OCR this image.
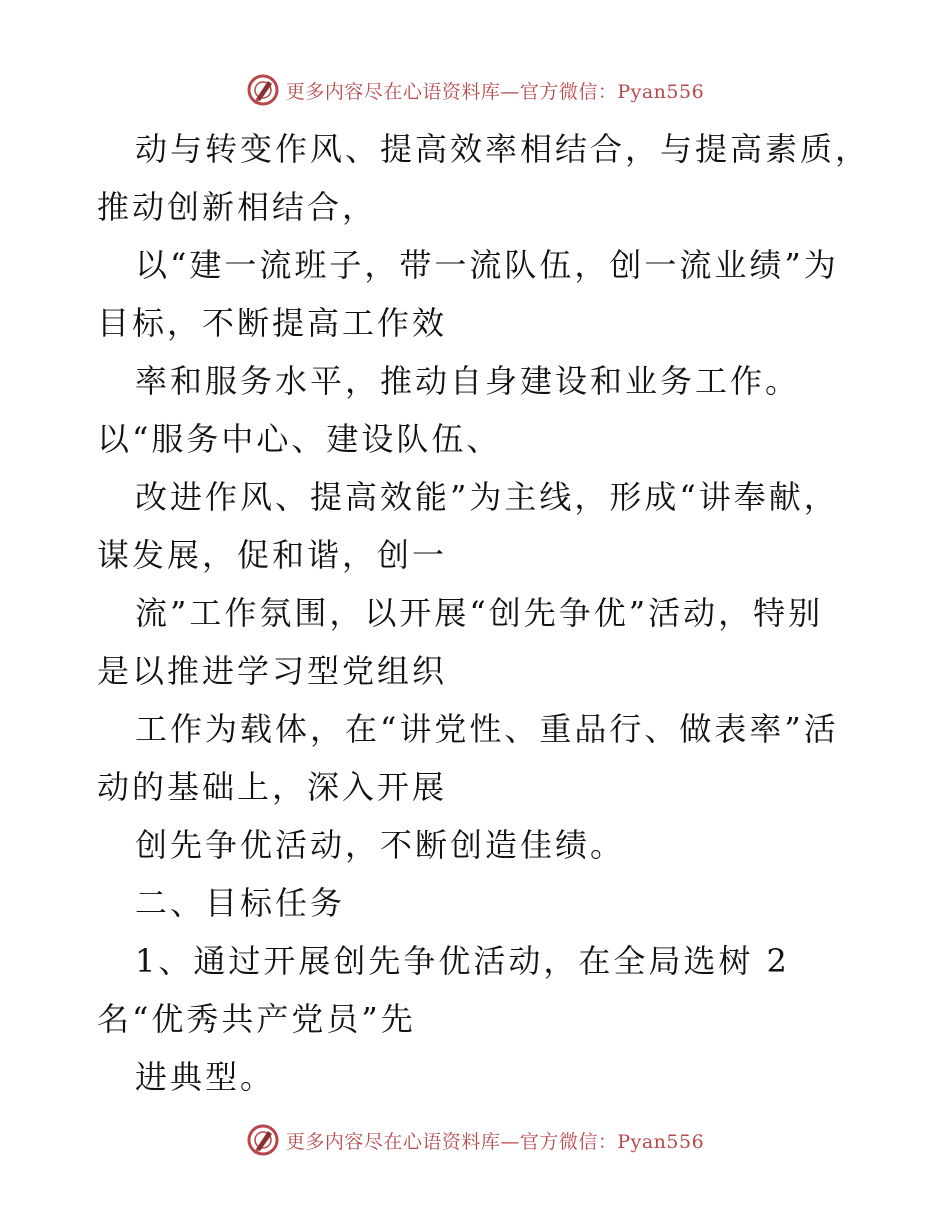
更多内容尽在心语资料库—官方微信：Pyan556
动与转变作风、提高效率相结合，与提高素质，
推动创新相结合，
以“建一流班子，带一流队伍，创一流业绩”为
目标，不断提高工作效
率和服务水平，推动自身建设和业务工作。
以“服务中心、建设队伍、
改进作风、提高效能”为主线，形成“讲奉献，
谋发展，促和谐，创一
流”工作氛围，以开展“创先争优”活动，特别
是以推进学习型党组织
工作为载体，在“讲党性、重品行、做表率”活
动的基础上，深入开展
创先争优活动，不断创造佳绩。
二、目标任务
1、通过开展创先争优活动，在全局选树 2
名“优秀共产党员”先
进典型。
更多内容尽在心语资料库—官方微信：Pyan556
